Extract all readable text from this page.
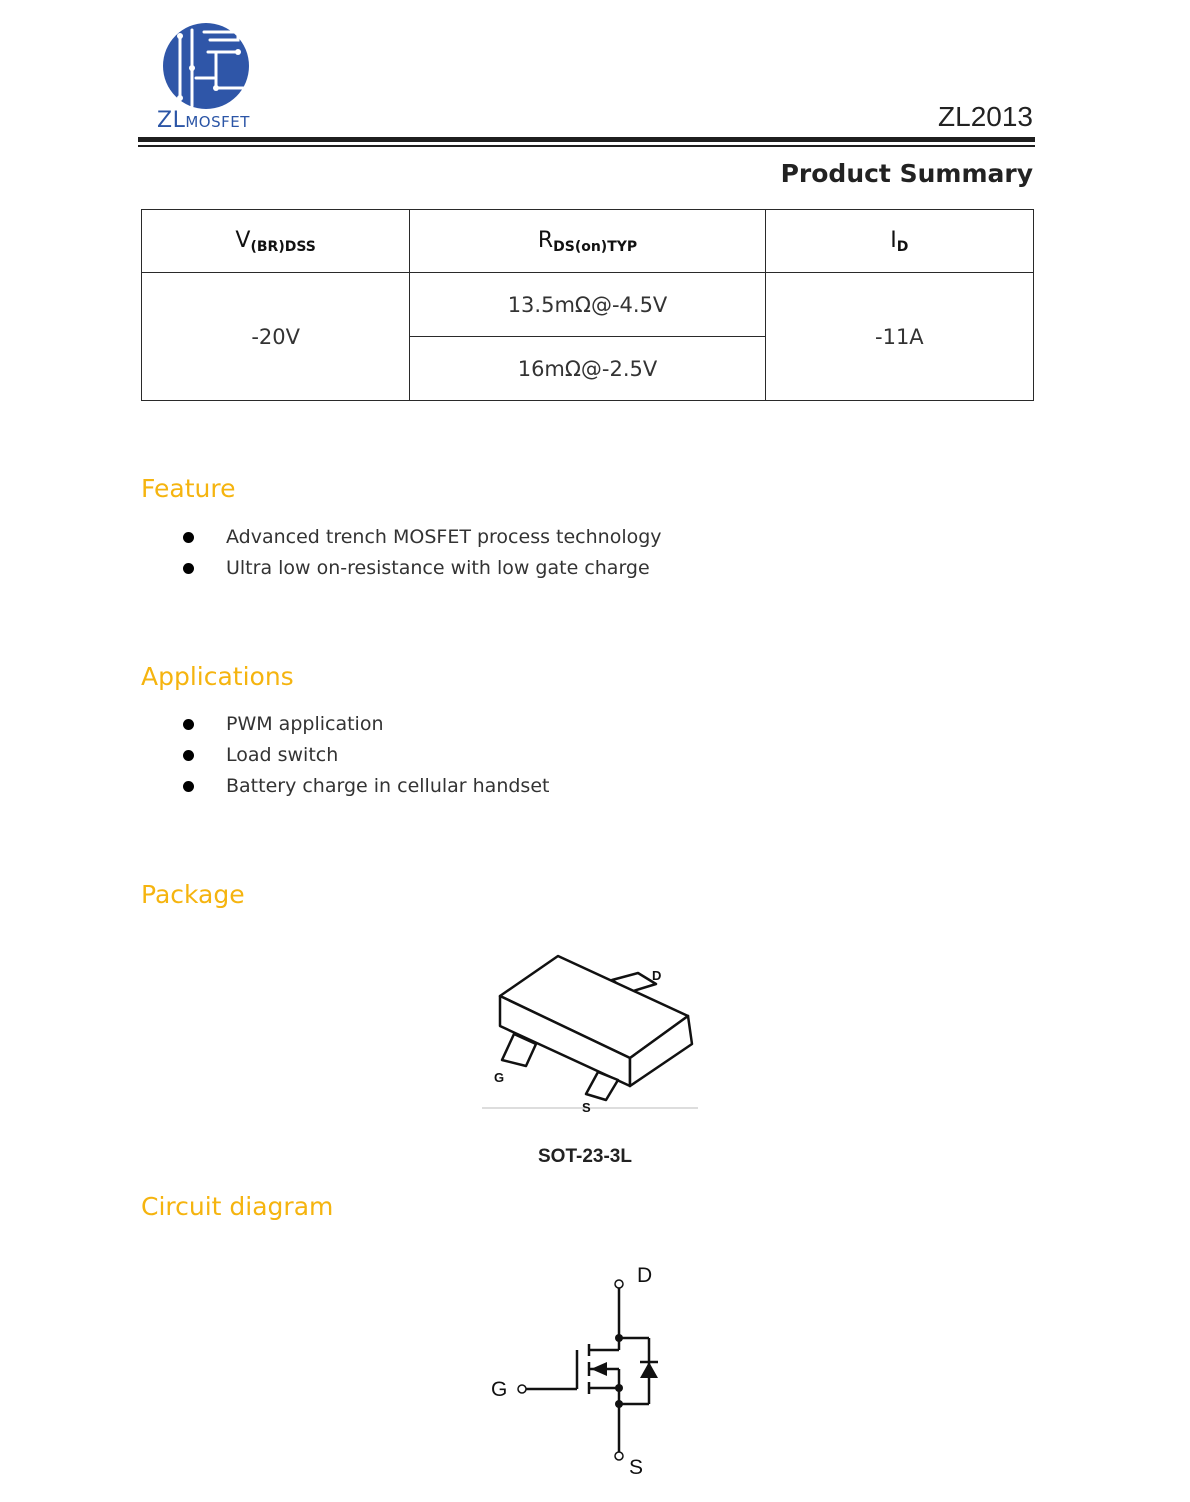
ZLMOSFET	ZL2013
Product Summary
$V_{(BR)DSS}$	$R_{DS(on)TYP}$	$I_D$
-20V	13.5mΩ@-4.5V	-11A
	16mΩ@-2.5V	
Feature
Advanced trench MOSFET process technology
Ultra low on-resistance with low gate charge
Applications
PWM application
Load switch
Battery charge in cellular handset
Package
D
G
S
SOT-23-3L
Circuit diagram
D
G
S
